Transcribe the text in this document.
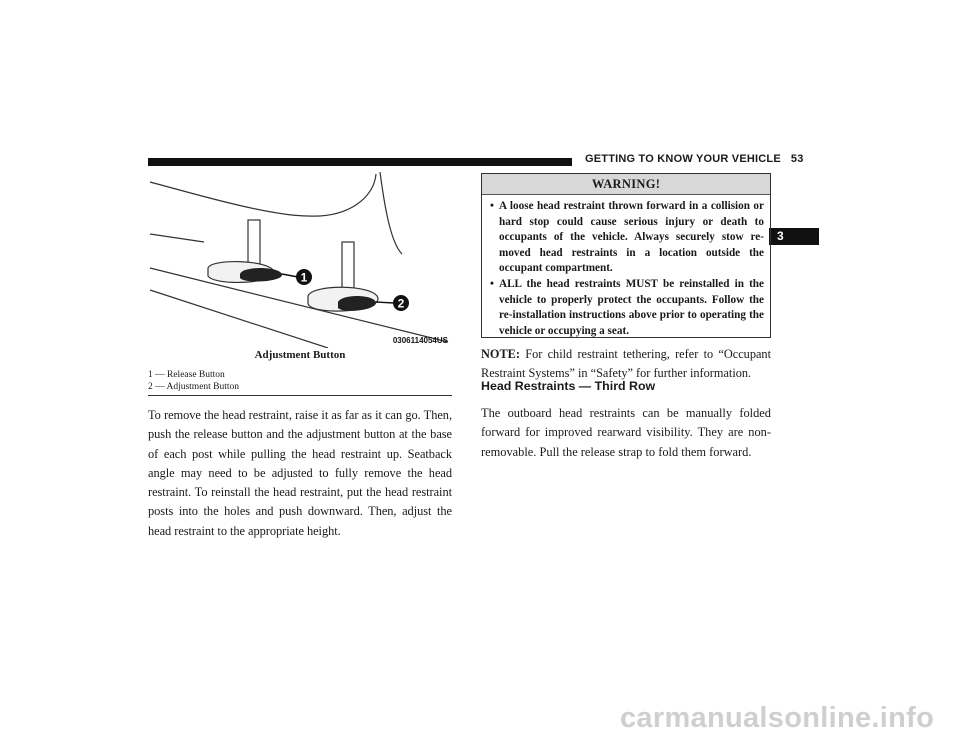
GETTING TO KNOW YOUR VEHICLE 53
3
1
2
0306114054US
Adjustment Button
1 — Release Button
2 — Adjustment Button
To remove the head restraint, raise it as far as it can go. Then, push the release button and the adjustment button at the base of each post while pulling the head restraint up. Seatback angle may need to be adjusted to fully remove the head restraint. To reinstall the head restraint, put the head restraint posts into the holes and push downward. Then, adjust the head restraint to the appropriate height.
WARNING!
• A loose head restraint thrown forward in a collision or hard stop could cause serious injury or death to occupants of the vehicle. Always securely stow re-moved head restraints in a location outside the occupant compartment.
• ALL the head restraints MUST be reinstalled in the vehicle to properly protect the occupants. Follow the re-installation instructions above prior to operating the vehicle or occupying a seat.
NOTE: For child restraint tethering, refer to “Occupant Restraint Systems” in “Safety” for further information.
Head Restraints — Third Row
The outboard head restraints can be manually folded forward for improved rearward visibility. They are non-removable. Pull the release strap to fold them forward.
carmanualsonline.info
